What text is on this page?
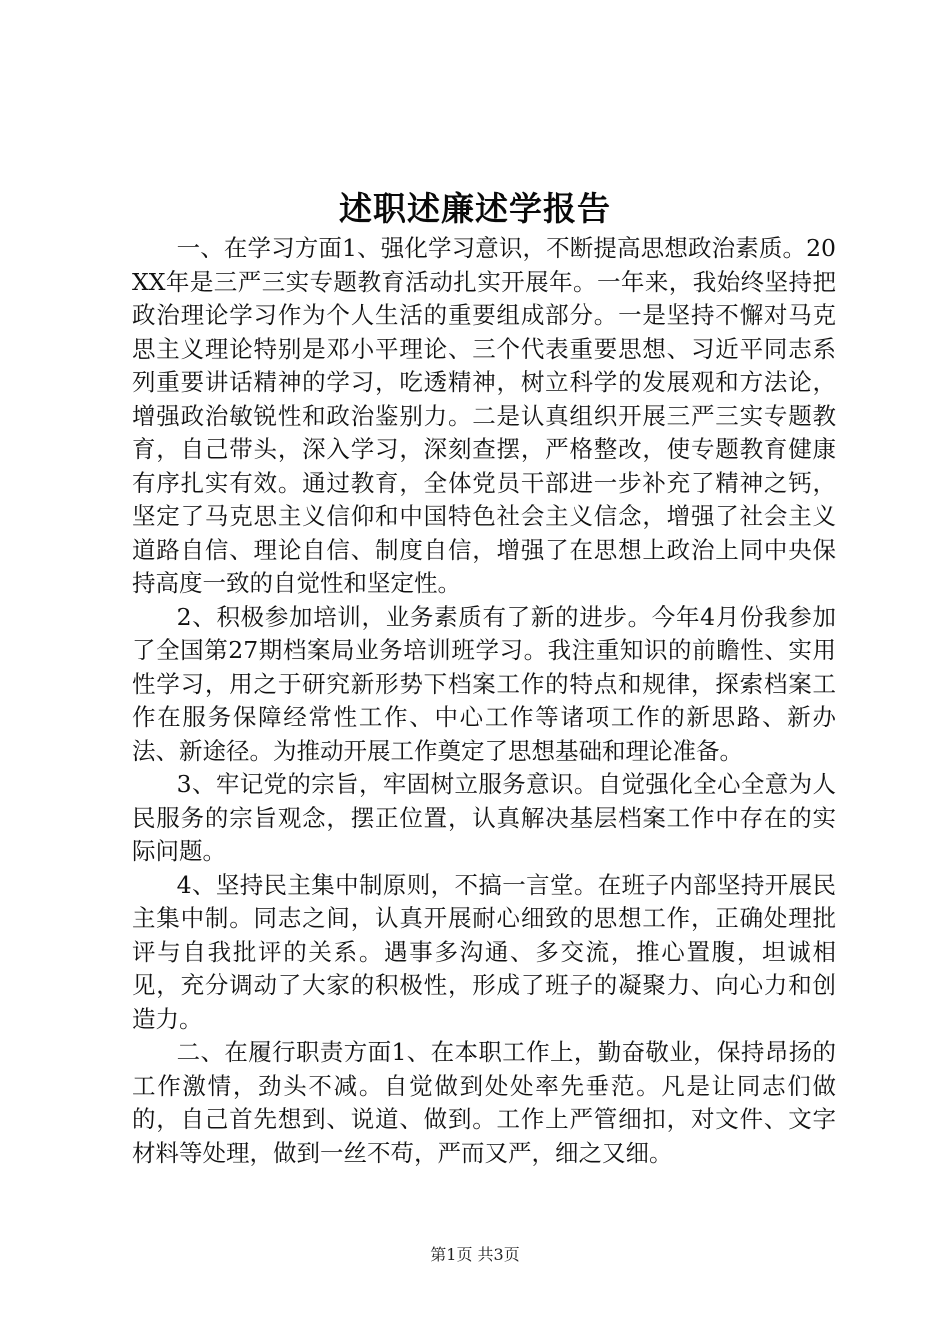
述职述廉述学报告

一、在学习方面1、强化学习意识，不断提高思想政治素质。20XX年是三严三实专题教育活动扎实开展年。一年来，我始终坚持把政治理论学习作为个人生活的重要组成部分。一是坚持不懈对马克思主义理论特别是邓小平理论、三个代表重要思想、习近平同志系列重要讲话精神的学习，吃透精神，树立科学的发展观和方法论，增强政治敏锐性和政治鉴别力。二是认真组织开展三严三实专题教育，自己带头，深入学习，深刻查摆，严格整改，使专题教育健康有序扎实有效。通过教育，全体党员干部进一步补充了精神之钙，坚定了马克思主义信仰和中国特色社会主义信念，增强了社会主义道路自信、理论自信、制度自信，增强了在思想上政治上同中央保持高度一致的自觉性和坚定性。

2、积极参加培训，业务素质有了新的进步。今年4月份我参加了全国第27期档案局业务培训班学习。我注重知识的前瞻性、实用性学习，用之于研究新形势下档案工作的特点和规律，探索档案工作在服务保障经常性工作、中心工作等诸项工作的新思路、新办法、新途径。为推动开展工作奠定了思想基础和理论准备。

3、牢记党的宗旨，牢固树立服务意识。自觉强化全心全意为人民服务的宗旨观念，摆正位置，认真解决基层档案工作中存在的实际问题。

4、坚持民主集中制原则，不搞一言堂。在班子内部坚持开展民主集中制。同志之间，认真开展耐心细致的思想工作，正确处理批评与自我批评的关系。遇事多沟通、多交流，推心置腹，坦诚相见，充分调动了大家的积极性，形成了班子的凝聚力、向心力和创造力。

二、在履行职责方面1、在本职工作上，勤奋敬业，保持昂扬的工作激情，劲头不减。自觉做到处处率先垂范。凡是让同志们做的，自己首先想到、说道、做到。工作上严管细扣，对文件、文字材料等处理，做到一丝不苟，严而又严，细之又细。

第1页 共3页
